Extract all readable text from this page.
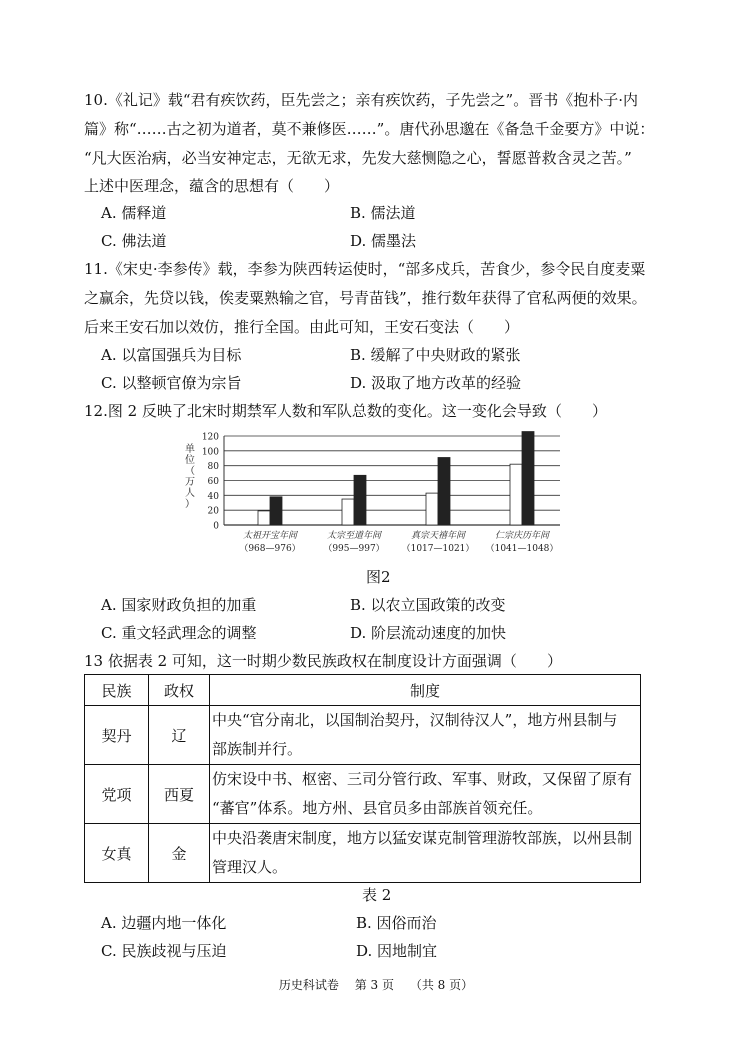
10.《礼记》载“君有疾饮药，臣先尝之；亲有疾饮药，子先尝之”。晋书《抱朴子·内
篇》称“……古之初为道者，莫不兼修医……”。唐代孙思邈在《备急千金要方》中说：
“凡大医治病，必当安神定志，无欲无求，先发大慈恻隐之心，誓愿普救含灵之苦。”
上述中医理念，蕴含的思想有（　　）
A. 儒释道	B. 儒法道
C. 佛法道	D. 儒墨法
11.《宋史·李参传》载，李参为陕西转运使时，“部多戍兵，苦食少，参令民自度麦粟
之赢余，先贷以钱，俟麦粟熟输之官，号青苗钱”，推行数年获得了官私两便的效果。
后来王安石加以效仿，推行全国。由此可知，王安石变法（　　）
A. 以富国强兵为目标	B. 缓解了中央财政的紧张
C. 以整顿官僚为宗旨	D. 汲取了地方改革的经验
12.图 2 反映了北宋时期禁军人数和军队总数的变化。这一变化会导致（　　）
0
20
40
60
80
100
120
单
位
（
万
人
）
太祖开宝年间
（968—976）
太宗至道年间
（995—997）
真宗天禧年间
（1017—1021）
仁宗庆历年间
（1041—1048）
图2
A. 国家财政负担的加重	B. 以农立国政策的改变
C. 重文轻武理念的调整	D. 阶层流动速度的加快
13 依据表 2 可知，这一时期少数民族政权在制度设计方面强调（　　）
民族	政权	制度
契丹	辽	中央“官分南北，以国制治契丹，汉制待汉人”，地方州县制与
部族制并行。

党项	西夏	仿宋设中书、枢密、三司分管行政、军事、财政，又保留了原有
“蕃官”体系。地方州、县官员多由部族首领充任。

女真	金	中央沿袭唐宋制度，地方以猛安谋克制管理游牧部族，以州县制
管理汉人。
表 2
A. 边疆内地一体化	B. 因俗而治
C. 民族歧视与压迫	D. 因地制宜
历史科试卷 第 3 页 （共 8 页）
